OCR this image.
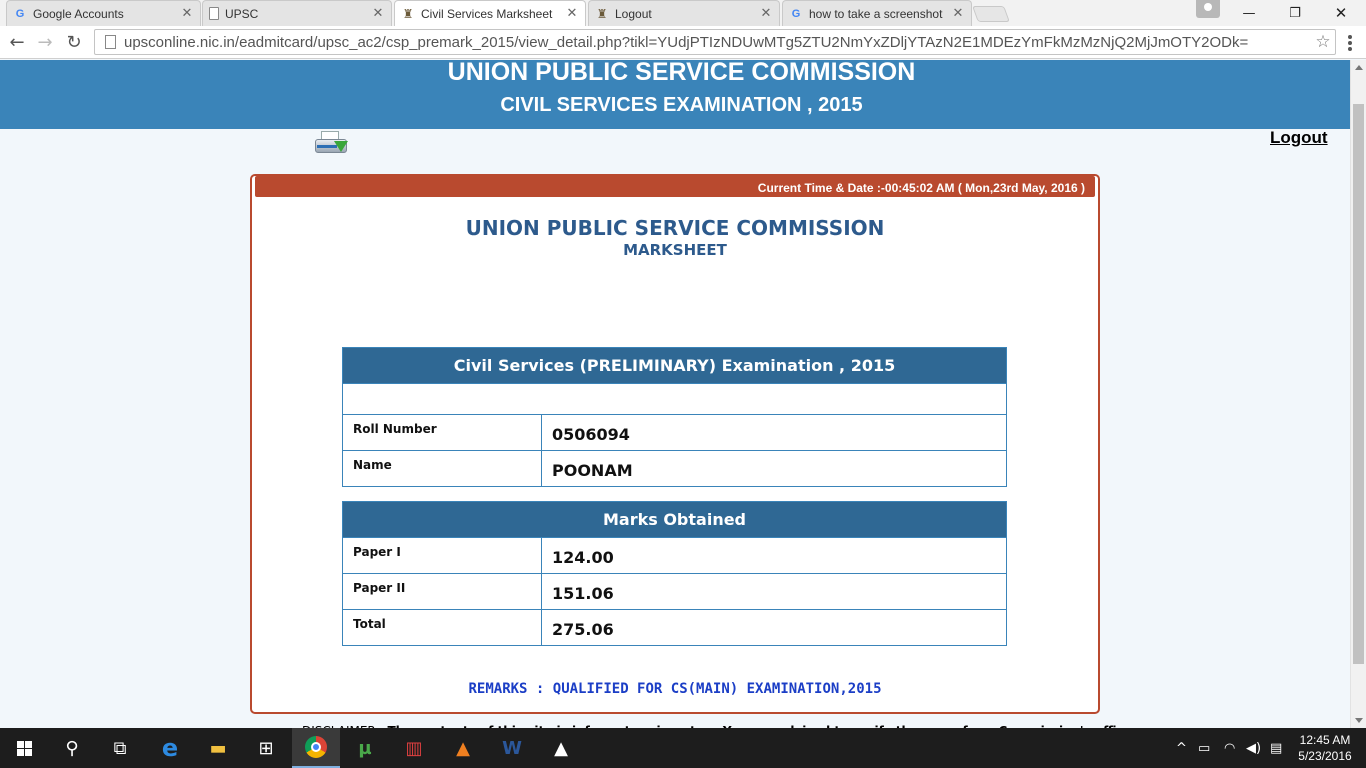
G Google Accounts	✕	UPSC	✕ ♜ Civil Services Marksheet	✕ ♜ Logout	✕ G how to take a screenshot ✕	—	❐	✕
← → ↻	upsconline.nic.in/eadmitcard/upsc_ac2/csp_premark_2015/view_detail.php?tikl=YUdjPTIzNDUwMTg5ZTU2NmYxZDljYTAzN2E1MDEzYmFkMzMzNjQ2MjJmOTY2ODk=	☆
UNION PUBLIC SERVICE COMMISSION
CIVIL SERVICES EXAMINATION , 2015
Logout
Current Time & Date :-00:45:02 AM ( Mon,23rd May, 2016 )
UNION PUBLIC SERVICE COMMISSION
MARKSHEET
Civil Services (PRELIMINARY) Examination , 2015	

Roll Number	0506094
Name	POONAM
Marks Obtained	
Paper I	124.00
Paper II	151.06
Total	275.06
REMARKS : QUALIFIED FOR CS(MAIN) EXAMINATION,2015
⚲	⧉	e	▬	⊞	µ	▥	▲	W	▲	^ ▭ ◠ ◀) ▤
12:45 AM
5/23/2016
